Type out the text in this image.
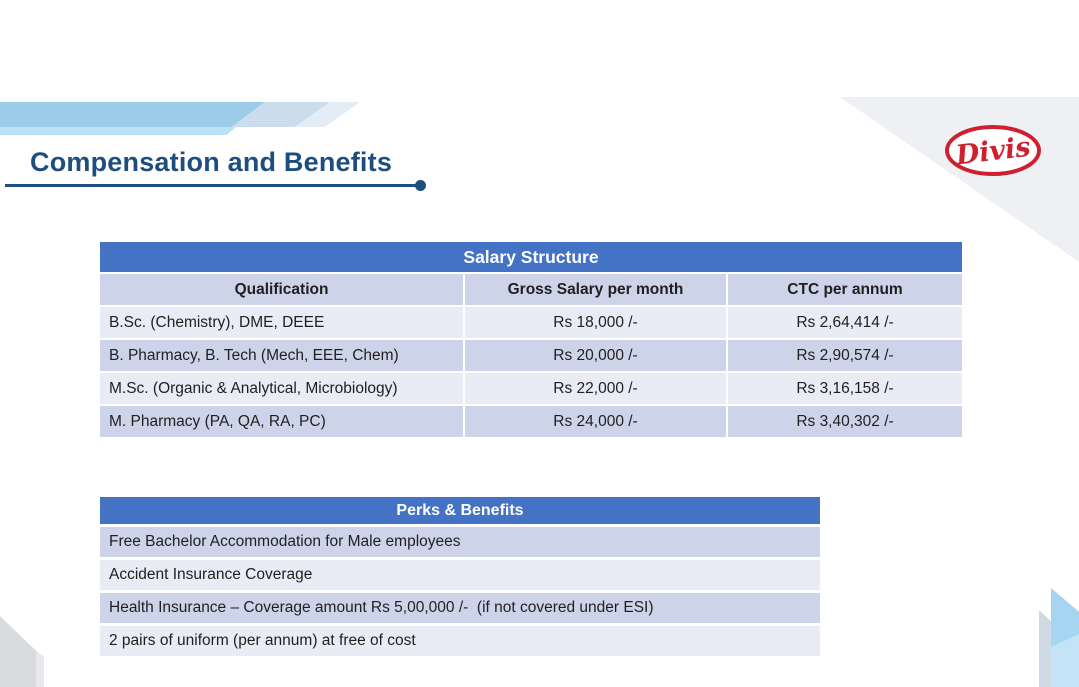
Divis
Compensation and Benefits
Salary Structure
Qualification	Gross Salary per month	CTC per annum
B.Sc. (Chemistry), DME, DEEE	Rs 18,000 /-	Rs 2,64,414 /-
B. Pharmacy, B. Tech (Mech, EEE, Chem)	Rs 20,000 /-	Rs 2,90,574 /-
M.Sc. (Organic & Analytical, Microbiology)	Rs 22,000 /-	Rs 3,16,158 /-
M. Pharmacy (PA, QA, RA, PC)	Rs 24,000 /-	Rs 3,40,302 /-
Perks & Benefits
Free Bachelor Accommodation for Male employees
Accident Insurance Coverage
Health Insurance – Coverage amount Rs 5,00,000 /-  (if not covered under ESI)
2 pairs of uniform (per annum) at free of cost
